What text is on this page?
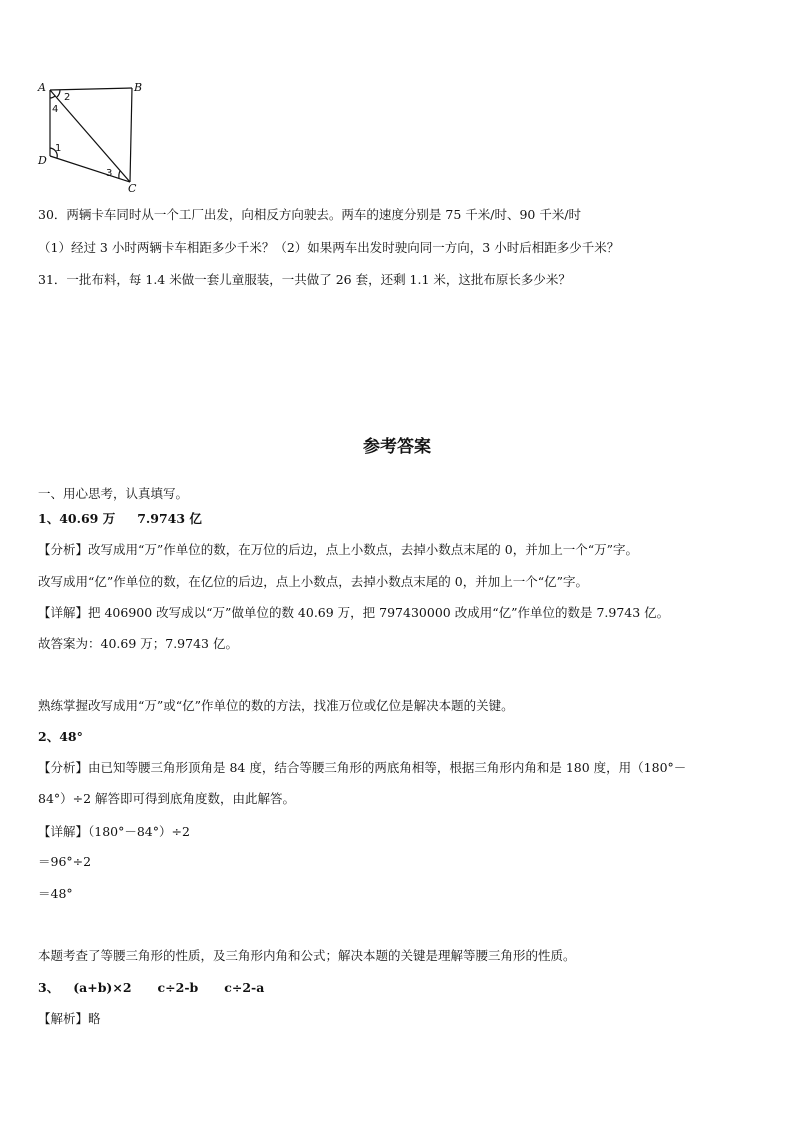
A	B
D
C
2
4
1
3
30．两辆卡车同时从一个工厂出发，向相反方向驶去。两车的速度分别是 75 千米/时、90 千米/时
（1）经过 3 小时两辆卡车相距多少千米？（2）如果两车出发时驶向同一方向，3 小时后相距多少千米？
31．一批布料，每 1.4 米做一套儿童服装，一共做了 26 套，还剩 1.1 米，这批布原长多少米？
参考答案
一、用心思考，认真填写。
1、40.69 万 7.9743 亿
【分析】改写成用“万”作单位的数，在万位的后边，点上小数点，去掉小数点末尾的 0，并加上一个“万”字。
改写成用“亿”作单位的数，在亿位的后边，点上小数点，去掉小数点末尾的 0，并加上一个“亿”字。
【详解】把 406900 改写成以“万”做单位的数 40.69 万，把 797430000 改成用“亿”作单位的数是 7.9743 亿。
故答案为：40.69 万；7.9743 亿。
熟练掌握改写成用“万”或“亿”作单位的数的方法，找准万位或亿位是解决本题的关键。
2、48°
【分析】由已知等腰三角形顶角是 84 度，结合等腰三角形的两底角相等，根据三角形内角和是 180 度，用（180°－
84°）÷2 解答即可得到底角度数，由此解答。
【详解】（180°－84°）÷2
＝96°÷2
＝48°
本题考查了等腰三角形的性质，及三角形内角和公式；解决本题的关键是理解等腰三角形的性质。
3、 (a+b)×2 c÷2-b c÷2-a
【解析】略
